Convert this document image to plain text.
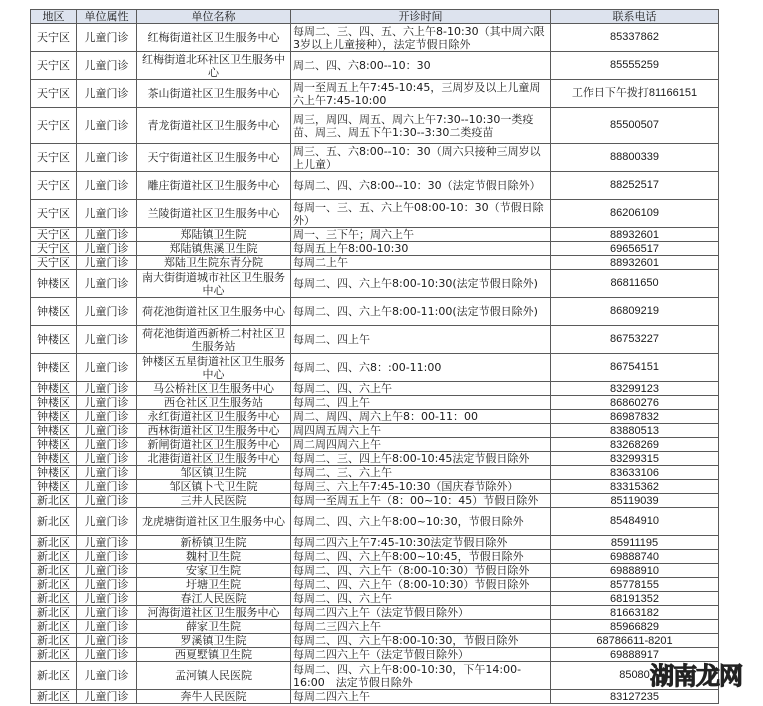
地区	单位属性	单位名称	开诊时间	联系电话
天宁区	儿童门诊	红梅街道社区卫生服务中心	每周二、三、四、五、六上午8-10:30（其中周六限3岁以上儿童接种），法定节假日除外	85337862
天宁区	儿童门诊	红梅街道北环社区卫生服务中心	周二、四、六8:00--10：30	85555259
天宁区	儿童门诊	茶山街道社区卫生服务中心	周一至周五上午7:45-10:45，三周岁及以上儿童周六上午7:45-10:00	工作日下午拨打81166151
天宁区	儿童门诊	青龙街道社区卫生服务中心	周三，周四、周五、周六上午7:30--10:30一类疫苗、周三、周五下午1:30--3:30二类疫苗	85500507
天宁区	儿童门诊	天宁街道社区卫生服务中心	周三、五、六8:00--10：30（周六只接种三周岁以上儿童）	88800339
天宁区	儿童门诊	雕庄街道社区卫生服务中心	每周二、四、六8:00--10：30（法定节假日除外）	88252517
天宁区	儿童门诊	兰陵街道社区卫生服务中心	每周一、三、五、六上午08:00-10：30（节假日除外）	86206109
天宁区	儿童门诊	郑陆镇卫生院	周一、三下午；周六上午	88932601
天宁区	儿童门诊	郑陆镇焦溪卫生院	每周五上午8:00-10:30	69656517
天宁区	儿童门诊	郑陆卫生院东青分院	每周二上午	88932601
钟楼区	儿童门诊	南大街街道城市社区卫生服务中心	每周二、四、六上午8:00-10:30(法定节假日除外)	86811650
钟楼区	儿童门诊	荷花池街道社区卫生服务中心	每周二、四、六上午8:00-11:00(法定节假日除外)	86809219
钟楼区	儿童门诊	荷花池街道西新桥二村社区卫生服务站	每周二、四上午	86753227
钟楼区	儿童门诊	钟楼区五星街道社区卫生服务中心	每周二、四、六8：:00-11:00	86754151
钟楼区	儿童门诊	马公桥社区卫生服务中心	每周二、四、六上午	83299123
钟楼区	儿童门诊	西仓社区卫生服务站	每周二、四上午	86860276
钟楼区	儿童门诊	永红街道社区卫生服务中心	周二、周四、周六上午8：00-11：00	86987832
钟楼区	儿童门诊	西林街道社区卫生服务中心	周四周五周六上午	83880513
钟楼区	儿童门诊	新闸街道社区卫生服务中心	周二周四周六上午	83268269
钟楼区	儿童门诊	北港街道社区卫生服务中心	每周二、三、四上午8:00-10:45法定节假日除外	83299315
钟楼区	儿童门诊	邹区镇卫生院	每周二、三、六上午	83633106
钟楼区	儿童门诊	邹区镇卜弋卫生院	每周三、六上午7:45-10:30（国庆春节除外）	83315362
新北区	儿童门诊	三井人民医院	每周一至周五上午（8：00~10：45）节假日除外	85119039
新北区	儿童门诊	龙虎塘街道社区卫生服务中心	每周二、四、六上午8:00~10:30，节假日除外	85484910
新北区	儿童门诊	新桥镇卫生院	每周二四六上午7:45-10:30法定节假日除外	85911195
新北区	儿童门诊	魏村卫生院	每周二、四、六上午8:00~10:45，节假日除外	69888740
新北区	儿童门诊	安家卫生院	每周二、四、六上午（8:00-10:30）节假日除外	69888910
新北区	儿童门诊	圩塘卫生院	每周二、四、六上午（8:00-10:30）节假日除外	85778155
新北区	儿童门诊	春江人民医院	每周二、四、六上午	68191352
新北区	儿童门诊	河海街道社区卫生服务中心	每周二四六上午（法定节假日除外）	81663182
新北区	儿童门诊	薛家卫生院	每周二三四六上午	85966829
新北区	儿童门诊	罗溪镇卫生院	每周二、四、六上午8:00-10:30，节假日除外	68786611-8201
新北区	儿童门诊	西夏墅镇卫生院	每周二四六上午（法定节假日除外）	69888917
新北区	儿童门诊	孟河镇人民医院	每周二、四、六上午8:00-10:30，下午14:00-16:00　法定节假日除外	85080
新北区	儿童门诊	奔牛人民医院	每周二四六上午	83127235
湖南龙网
